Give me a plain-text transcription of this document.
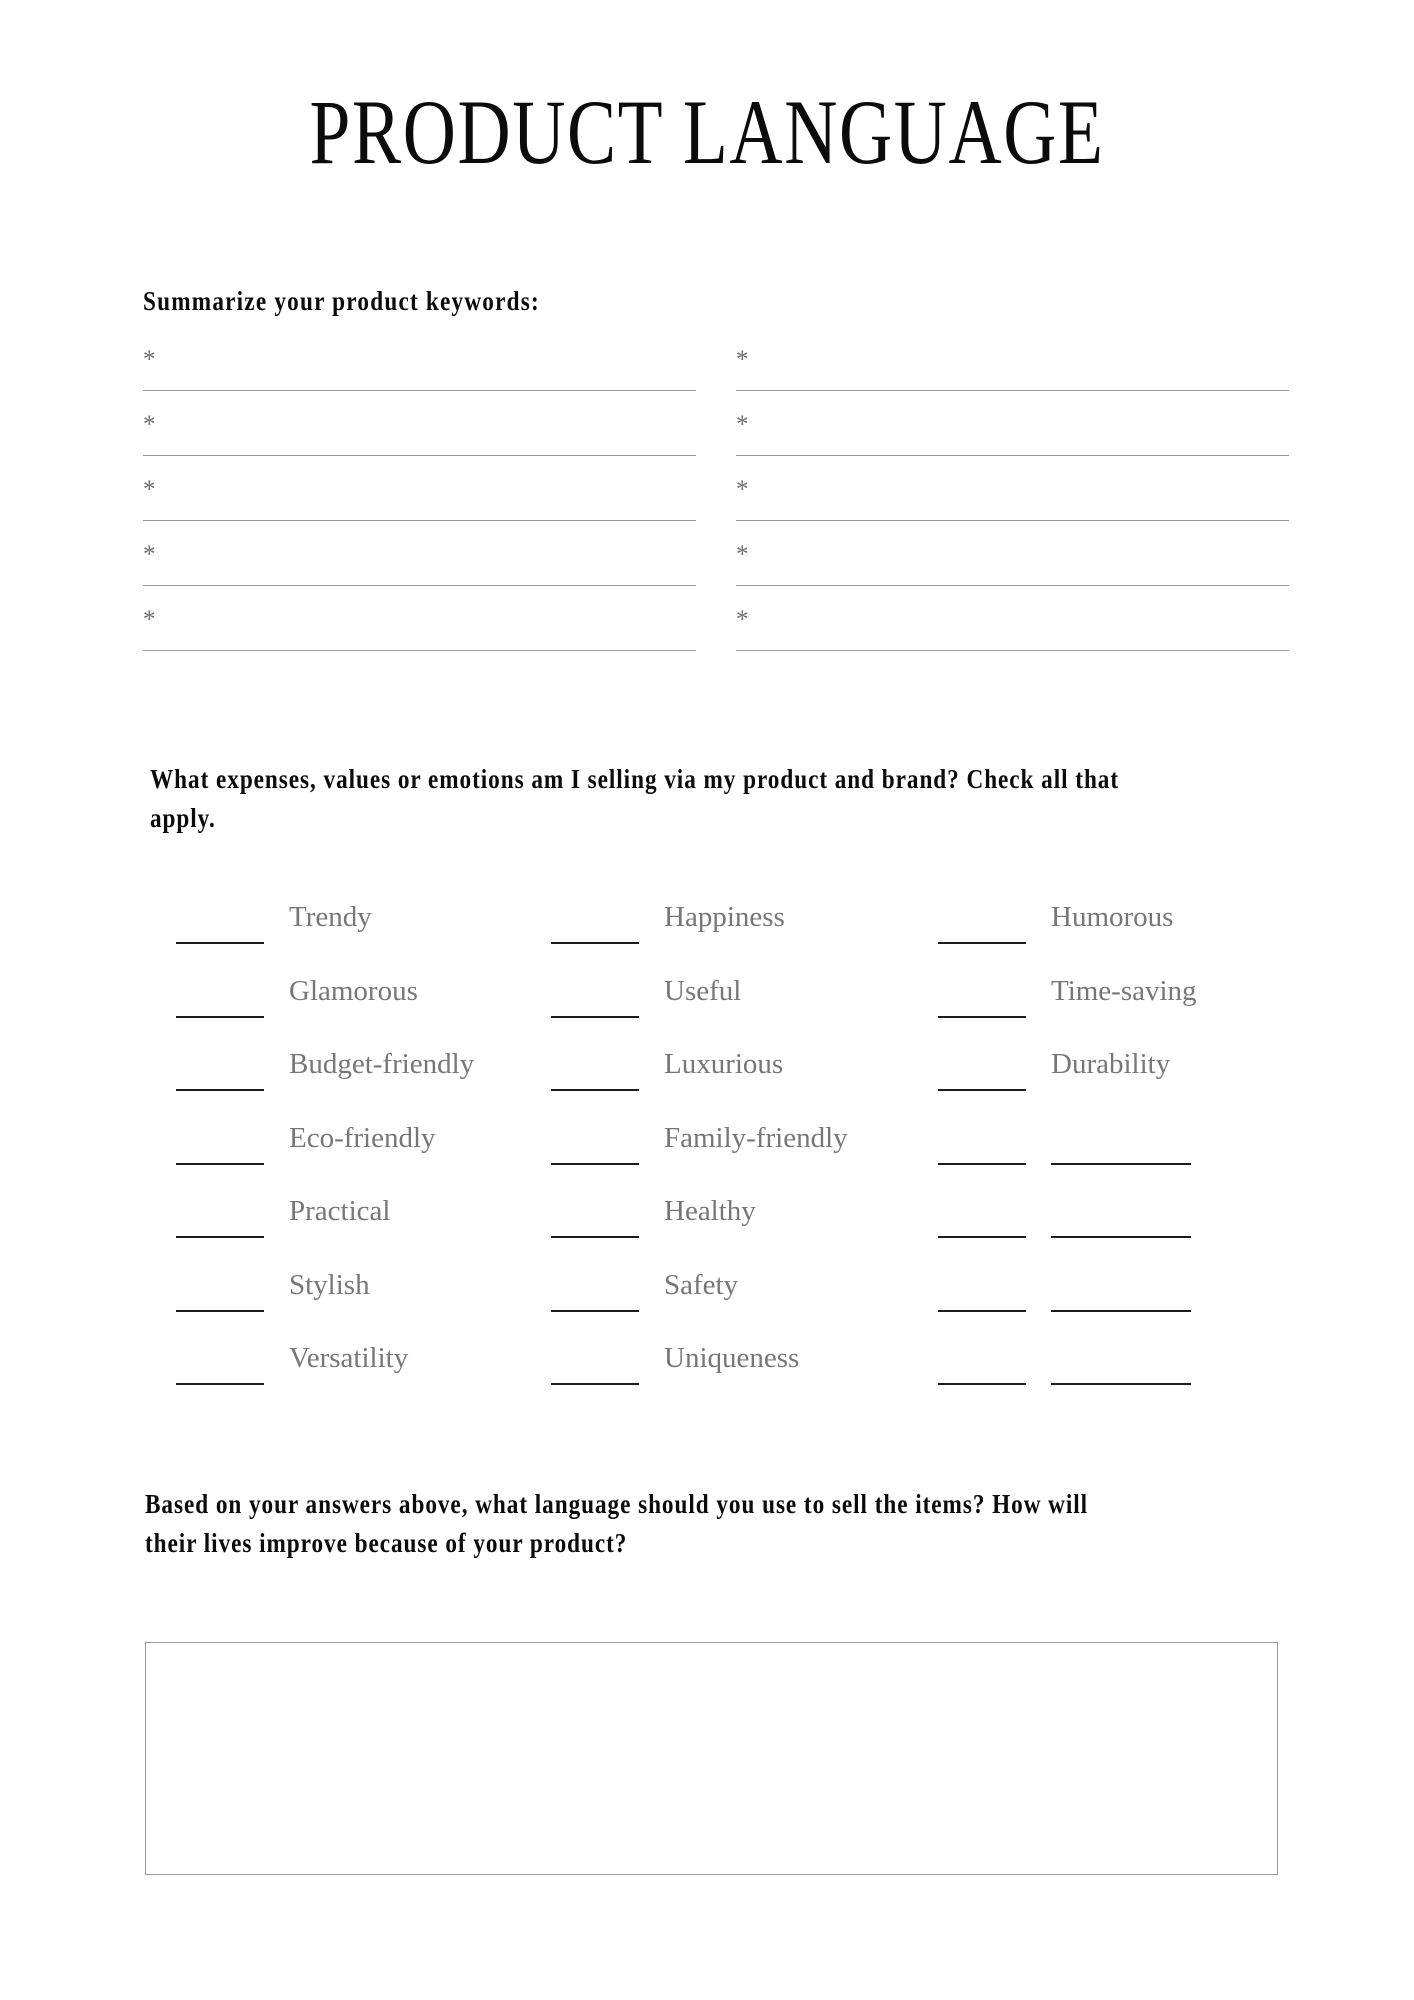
PRODUCT LANGUAGE
Summarize your product keywords:
*
*
*
*
*
*
*
*
*
*
What expenses, values or emotions am I selling via my product and brand? Check all that apply.
Trendy
Glamorous
Budget-friendly
Eco-friendly
Practical
Stylish
Versatility
Happiness
Useful
Luxurious
Family-friendly
Healthy
Safety
Uniqueness
Humorous
Time-saving
Durability
Based on your answers above, what language should you use to sell the items? How will their lives improve because of your product?
